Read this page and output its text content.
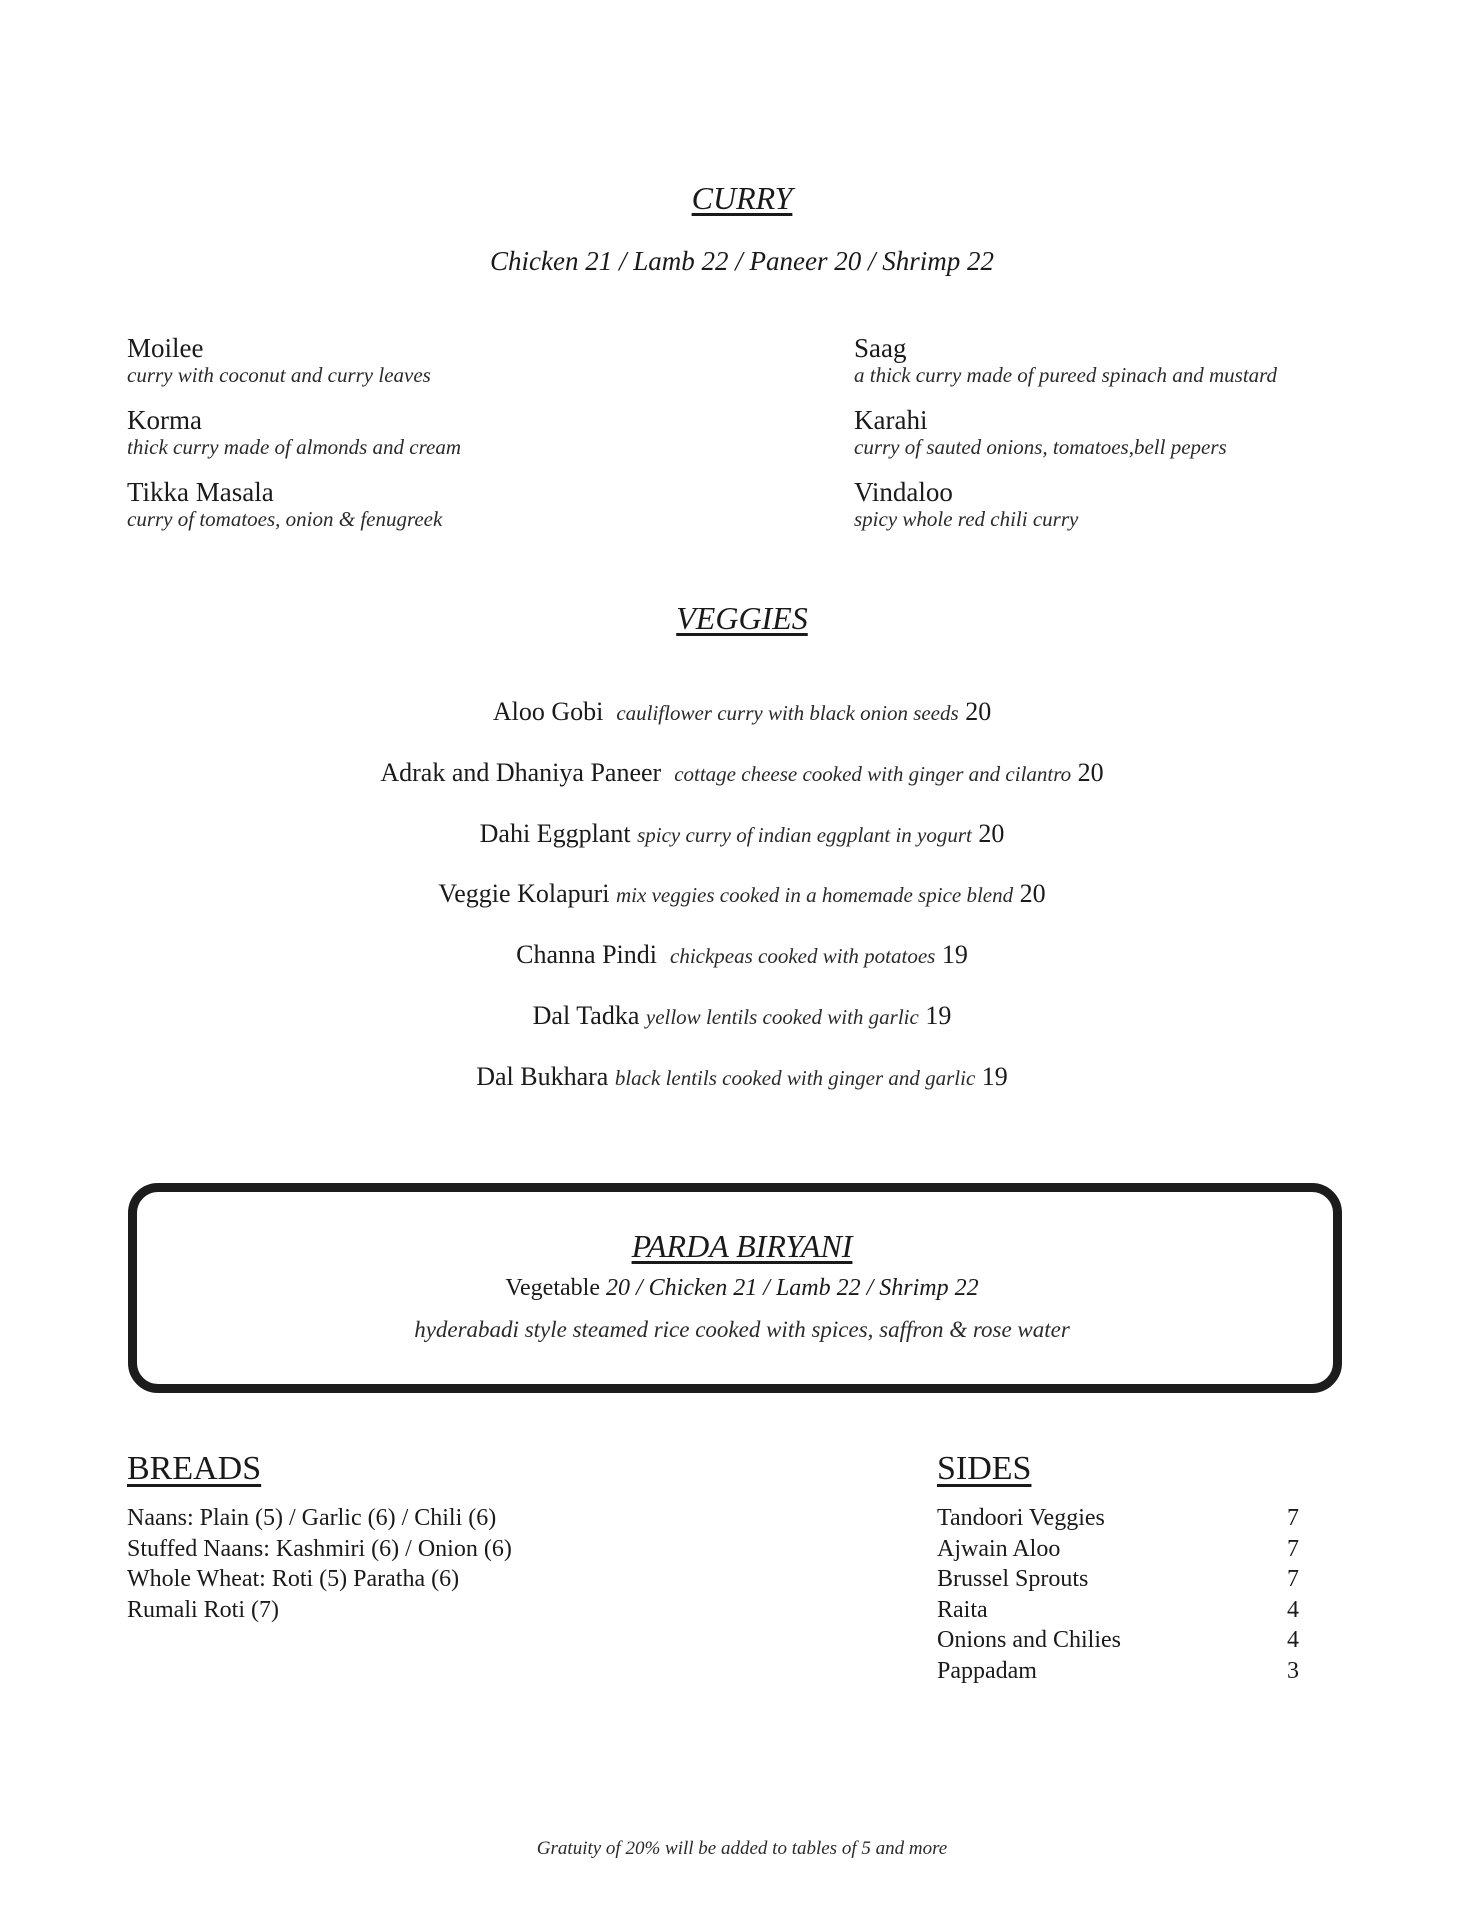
CURRY
Chicken 21 / Lamb 22 / Paneer 20 / Shrimp 22
Moilee
curry with coconut and curry leaves
Korma
thick curry made of almonds and cream
Tikka Masala
curry of tomatoes, onion & fenugreek
Saag
a thick curry made of pureed spinach and mustard
Karahi
curry of sauted onions, tomatoes,bell pepers
Vindaloo
spicy whole red chili curry
VEGGIES
Aloo Gobi cauliflower curry with black onion seeds 20
Adrak and Dhaniya Paneer cottage cheese cooked with ginger and cilantro 20
Dahi Eggplant spicy curry of indian eggplant in yogurt 20
Veggie Kolapuri mix veggies cooked in a homemade spice blend 20
Channa Pindi chickpeas cooked with potatoes 19
Dal Tadka yellow lentils cooked with garlic 19
Dal Bukhara black lentils cooked with ginger and garlic 19
PARDA BIRYANI
Vegetable 20 / Chicken 21 / Lamb 22 / Shrimp 22
hyderabadi style steamed rice cooked with spices, saffron & rose water
BREADS
Naans: Plain (5) / Garlic (6) / Chili (6)
Stuffed Naans: Kashmiri (6) / Onion (6)
Whole Wheat: Roti (5) Paratha (6)
Rumali Roti (7)
SIDES
Tandoori Veggies	7
Ajwain Aloo	7
Brussel Sprouts	7
Raita	4
Onions and Chilies	4
Pappadam	3
Gratuity of 20% will be added to tables of 5 and more
